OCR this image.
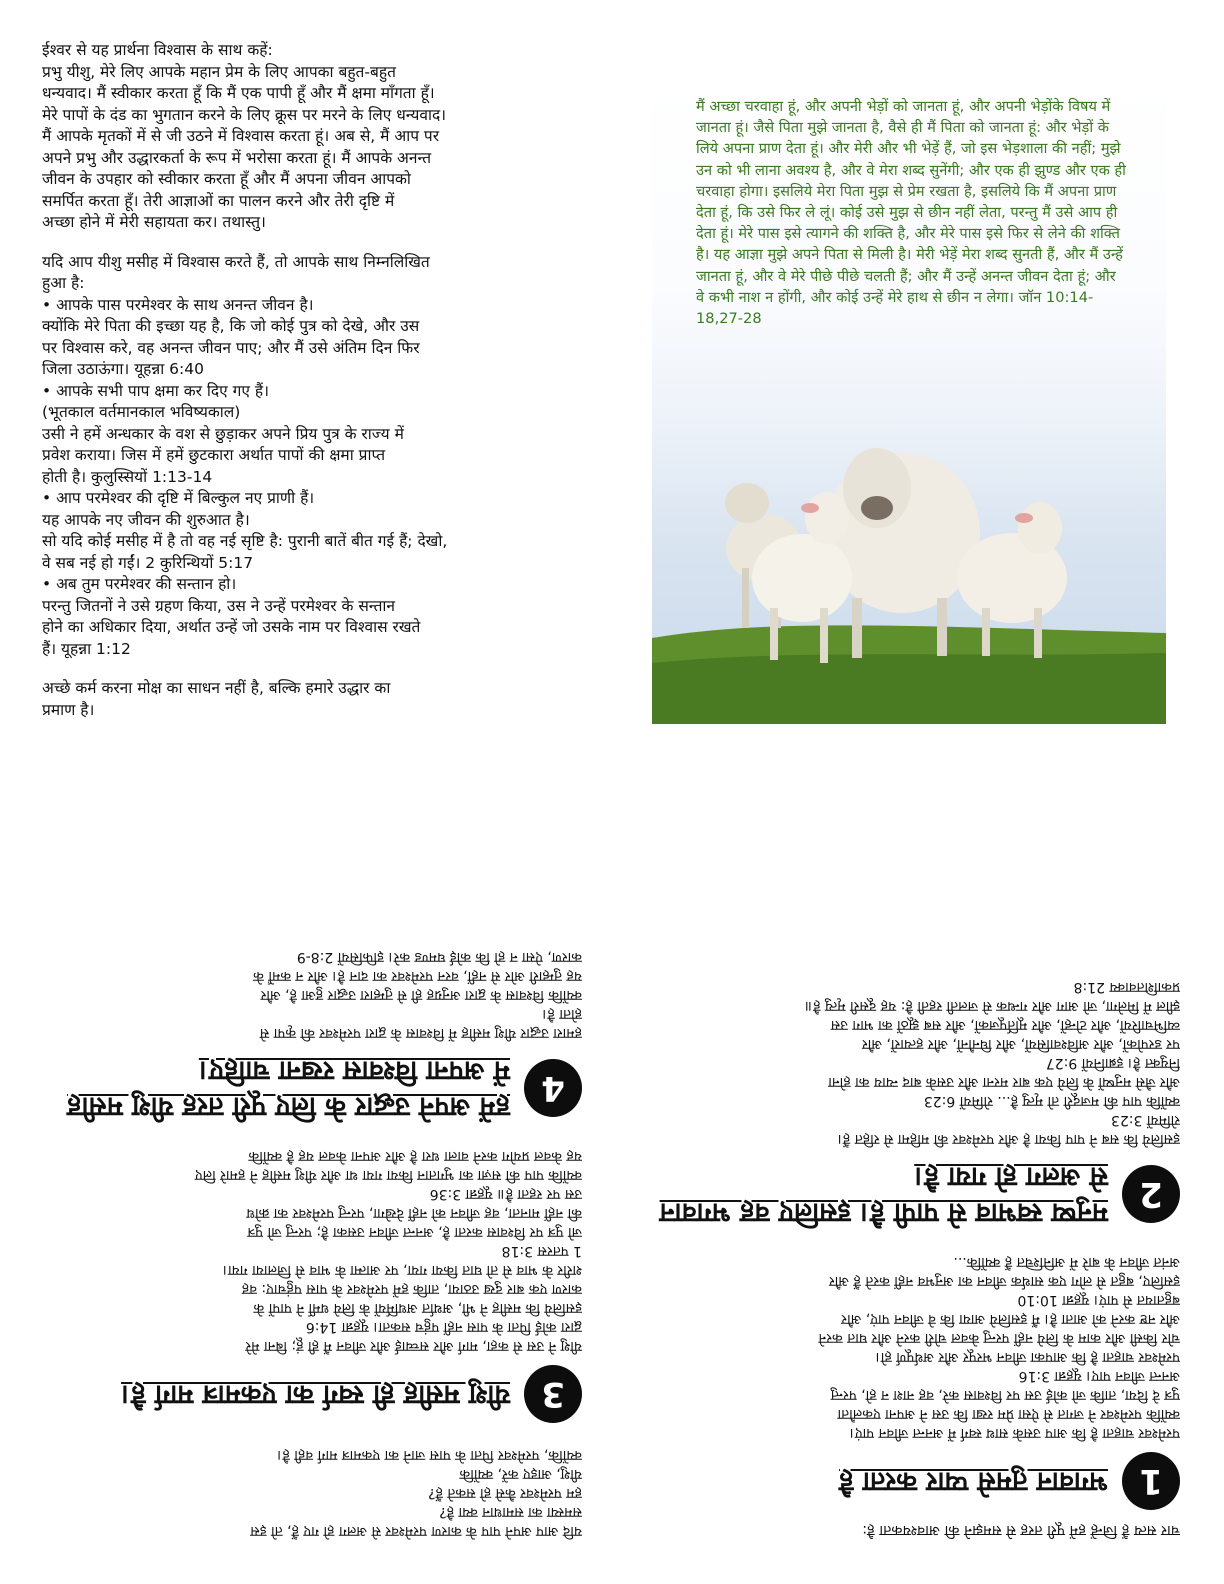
ईश्वर से यह प्रार्थना विश्वास के साथ कहें:

प्रभु यीशु, मेरे लिए आपके महान प्रेम के लिए आपका बहुत-बहुत

धन्यवाद। मैं स्वीकार करता हूँ कि मैं एक पापी हूँ और मैं क्षमा माँगता हूँ।

मेरे पापों के दंड का भुगतान करने के लिए क्रूस पर मरने के लिए धन्यवाद।

मैं आपके मृतकों में से जी उठने में विश्वास करता हूं। अब से, मैं आप पर

अपने प्रभु और उद्धारकर्ता के रूप में भरोसा करता हूं। मैं आपके अनन्त

जीवन के उपहार को स्वीकार करता हूँ और मैं अपना जीवन आपको

समर्पित करता हूँ। तेरी आज्ञाओं का पालन करने और तेरी दृष्टि में

अच्छा होने में मेरी सहायता कर। तथास्तु।

यदि आप यीशु मसीह में विश्वास करते हैं, तो आपके साथ निम्नलिखित

हुआ है:

• आपके पास परमेश्वर के साथ अनन्त जीवन है।

क्योंकि मेरे पिता की इच्छा यह है, कि जो कोई पुत्र को देखे, और उस

पर विश्वास करे, वह अनन्त जीवन पाए; और मैं उसे अंतिम दिन फिर

जिला उठाऊंगा। यूहन्ना 6:40

• आपके सभी पाप क्षमा कर दिए गए हैं।

(भूतकाल वर्तमानकाल भविष्यकाल)

उसी ने हमें अन्धकार के वश से छुड़ाकर अपने प्रिय पुत्र के राज्य में

प्रवेश कराया। जिस में हमें छुटकारा अर्थात पापों की क्षमा प्राप्त

होती है। कुलुस्सियों 1:13-14

• आप परमेश्वर की दृष्टि में बिल्कुल नए प्राणी हैं।

यह आपके नए जीवन की शुरुआत है।

सो यदि कोई मसीह में है तो वह नई सृष्टि है: पुरानी बातें बीत गई हैं; देखो,

वे सब नई हो गईं। 2 कुरिन्थियों 5:17

• अब तुम परमेश्वर की सन्तान हो।

परन्तु जितनों ने उसे ग्रहण किया, उस ने उन्हें परमेश्वर के सन्तान

होने का अधिकार दिया, अर्थात उन्हें जो उसके नाम पर विश्वास रखते

हैं। यूहन्ना 1:12

अच्छे कर्म करना मोक्ष का साधन नहीं है, बल्कि हमारे उद्धार का

प्रमाण है।

मैं अच्छा चरवाहा हूं, और अपनी भेड़ों को जानता हूं, और अपनी भेड़ोंके विषय में जानता हूं। जैसे पिता मुझे जानता है, वैसे ही मैं पिता को जानता हूं: और भेड़ों के लिये अपना प्राण देता हूं। और मेरी और भी भेड़ें हैं, जो इस भेड़शाला की नहीं; मुझे उन को भी लाना अवश्य है, और वे मेरा शब्द सुनेंगी; और एक ही झुण्ड और एक ही चरवाहा होगा। इसलिये मेरा पिता मुझ से प्रेम रखता है, इसलिये कि मैं अपना प्राण देता हूं, कि उसे फिर ले लूं। कोई उसे मुझ से छीन नहीं लेता, परन्तु मैं उसे आप ही देता हूं। मेरे पास इसे त्यागने की शक्ति है, और मेरे पास इसे फिर से लेने की शक्ति है। यह आज्ञा मुझे अपने पिता से मिली है। मेरी भेड़ें मेरा शब्द सुनती हैं, और मैं उन्हें जानता हूं, और वे मेरे पीछे पीछे चलती हैं; और मैं उन्हें अनन्त जीवन देता हूं; और वे कभी नाश न होंगी, और कोई उन्हें मेरे हाथ से छीन न लेगा। जॉन 10:14-18,27-28
यदि आप अपने पाप के कारण परमेश्वर से अलग हो गए हैं, तो इस
समस्या का समाधान क्या है?
हम परमेश्वर कैसे हो सकते हैं?
यीशु, आइए करें, क्योंकि
क्योंकि, परमेश्वर पिता के पास जाने का एकमात्र मार्ग वही है।
3
यीशु मसीह ही स्वर्ग का एकमात्र मार्ग है।
यीशु ने उस से कहा, मार्ग और सच्चाई और जीवन मैं ही हूं; बिना मेरे
द्वारा कोई पिता के पास नहीं पहुंच सकता। यूहन्ना 14:6
इसलिये कि मसीह ने भी, अर्थात अधर्मियों के लिये धर्मी ने पापों के
कारण एक बार दुख उठाया, ताकि हमें परमेश्वर के पास पहुंचाए: वह
शरीर के भाव से तो घात किया गया, पर आत्मा के भाव से जिलाया गया।
1 पतरस 3:18
जो पुत्र पर विश्वास करता है, अनन्त जीवन उसका है; परन्तु जो पुत्र
की नहीं मानता, वह जीवन को नहीं देखेगा, परन्तु परमेश्वर का क्रोध
उस पर रहता है॥ यूहन्ना 3:36
क्योंकि पाप की सज़ा का भुगतान किया गया था और यीशु मसीह ने हमारे लिए
यह केवल प्रयोग करने वाला धरा है और अपना केवल यह है क्योंकि
4
हमें अपने उद्धार के लिए पूरी तरह यीशु मसीह में अपना विश्वास रखना चाहिए।
हमारा उद्धार यीशु मसीह में विश्वास के द्वारा परमेश्वर की कृपा से
होता है।
क्योंकि विश्वास के द्वारा अनुग्रह ही से तुम्हारा उद्धार हुआ है, और
यह तुम्हारी ओर से नहीं, वरन परमेश्वर का दान है। और न कर्मों के
कारण, ऐसा न हो कि कोई घमण्ड करे। इफिसियों 2:8-9
चार सत्य हैं जिन्हें हमें पूरी तरह से समझने की आवश्यकता है:
1
भगवान तुमसे प्यार करता है
परमेश्वर चाहता है कि आप उसके साथ स्वर्ग में अनन्त जीवन पाएं।
क्योंकि परमेश्वर ने जगत से ऐसा प्रेम रखा कि उस ने अपना एकलौता
पुत्र दे दिया, ताकि जो कोई उस पर विश्वास करे, वह नाश न हो, परन्तु
अनन्त जीवन पाए। यूहन्ना 3:16
परमेश्वर चाहता है कि आपका जीवन भरपूर और अर्थपूर्ण हो।
चोर किसी और काम के लिये नहीं परन्तु केवल चोरी करने और घात करने
और नष्ट करने को आता है। मैं इसलिये आया कि वे जीवन पाएं, और
बहुतायत से पाएं। यूहन्ना 10:10
इसलिए, बहुत से लोग एक सार्थक जीवन का अनुभव नहीं करते हैं और
अनंत जीवन के बारे में अनिश्चित हैं क्योंकि...
2
मनुष्य स्वभाव से पापी है। इसलिए वह भगवान से अलग हो गया है।
इसलिये कि सब ने पाप किया है और परमेश्वर की महिमा से रहित हैं।
रोमियों 3:23
क्योंकि पाप की मजदूरी तो मृत्यु है... रोमियों 6:23
और जैसे मनुष्यों के लिये एक बार मरना और उसके बाद न्याय का होना
नियुक्त है। इब्रानियों 9:27
पर डरपोकों, और अविश्वासियों, और घिनौनों, और हत्यारों, और
व्यभिचारियों, और टोन्हों, और मूर्तिपूजकों, और सब झूठों का भाग उस
झील में मिलेगा, जो आग और गन्धक से जलती रहती है: यह दूसरी मृत्यु है॥
प्रकाशितवाक्य 21:8
